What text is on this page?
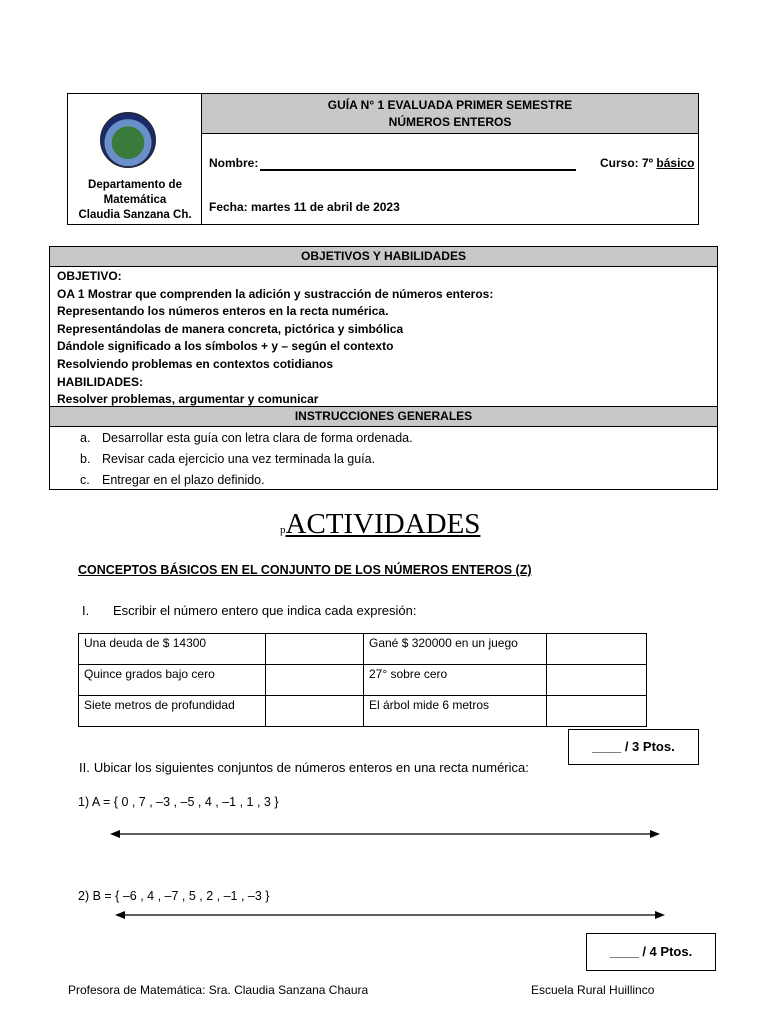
Departamento de
Matemática
Claudia Sanzana Ch.
GUÍA N° 1 EVALUADA PRIMER SEMESTRE
NÚMEROS ENTEROS
Nombre:	Curso: 7º básico
Fecha: martes 11 de abril de 2023
OBJETIVOS Y HABILIDADES
OBJETIVO:
OA 1 Mostrar que comprenden la adición y sustracción de números enteros:
Representando los números enteros en la recta numérica.
Representándolas de manera concreta, pictórica y simbólica
Dándole significado a los símbolos + y – según el contexto
Resolviendo problemas en contextos cotidianos
HABILIDADES:
Resolver problemas, argumentar y comunicar
INSTRUCCIONES GENERALES
a. Desarrollar esta guía con letra clara de forma ordenada.
b. Revisar cada ejercicio una vez terminada la guía.
c. Entregar en el plazo definido.
pACTIVIDADES
CONCEPTOS BÁSICOS EN EL CONJUNTO DE LOS NÚMEROS ENTEROS (Z)
I. Escribir el número entero que indica cada expresión:
Una deuda de $ 14300		Gané $ 320000 en un juego	
Quince grados bajo cero		27° sobre cero	
Siete metros de profundidad		El árbol mide 6 metros	
____ / 3 Ptos.
II. Ubicar los siguientes conjuntos de números enteros en una recta numérica:
1) A = { 0 , 7 , –3 , –5 , 4 , –1 , 1 , 3 }
2) B = { –6 , 4 , –7 , 5 , 2 , –1 , –3 }
____ / 4 Ptos.
Profesora de Matemática: Sra. Claudia Sanzana Chaura	Escuela Rural Huillinco
